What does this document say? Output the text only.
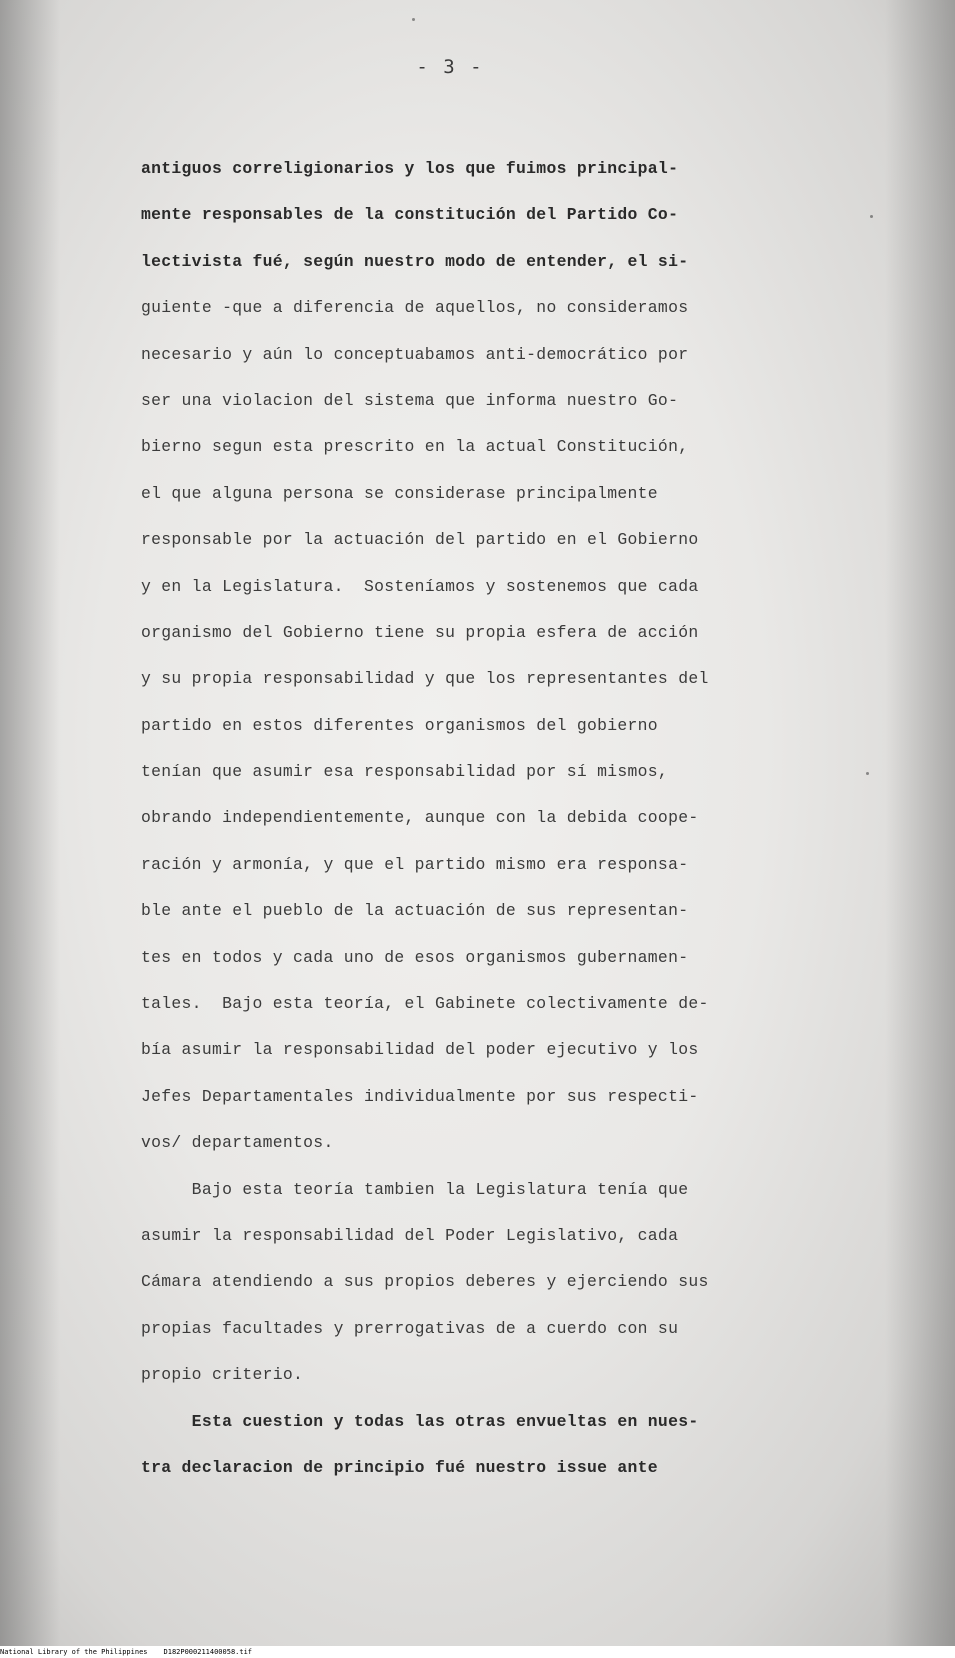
- 3 -
antiguos correligionarios y los que fuimos principal-
mente responsables de la constitución del Partido Co-
lectivista fué, según nuestro modo de entender, el si-
guiente -que a diferencia de aquellos, no consideramos
necesario y aún lo conceptuabamos anti-democrático por
ser una violacion del sistema que informa nuestro Go-
bierno segun esta prescrito en la actual Constitución,
el que alguna persona se considerase principalmente
responsable por la actuación del partido en el Gobierno
y en la Legislatura.  Sosteníamos y sostenemos que cada
organismo del Gobierno tiene su propia esfera de acción
y su propia responsabilidad y que los representantes del
partido en estos diferentes organismos del gobierno
tenían que asumir esa responsabilidad por sí mismos,
obrando independientemente, aunque con la debida coope-
ración y armonía, y que el partido mismo era responsa-
ble ante el pueblo de la actuación de sus representan-
tes en todos y cada uno de esos organismos gubernamen-
tales.  Bajo esta teoría, el Gabinete colectivamente de-
bía asumir la responsabilidad del poder ejecutivo y los
Jefes Departamentales individualmente por sus respecti-
vos/ departamentos.
Bajo esta teoría tambien la Legislatura tenía que
asumir la responsabilidad del Poder Legislativo, cada
Cámara atendiendo a sus propios deberes y ejerciendo sus
propias facultades y prerrogativas de a cuerdo con su
propio criterio.
Esta cuestion y todas las otras envueltas en nues-
tra declaracion de principio fué nuestro issue ante
National Library of the Philippines D182P000211400058.tif
